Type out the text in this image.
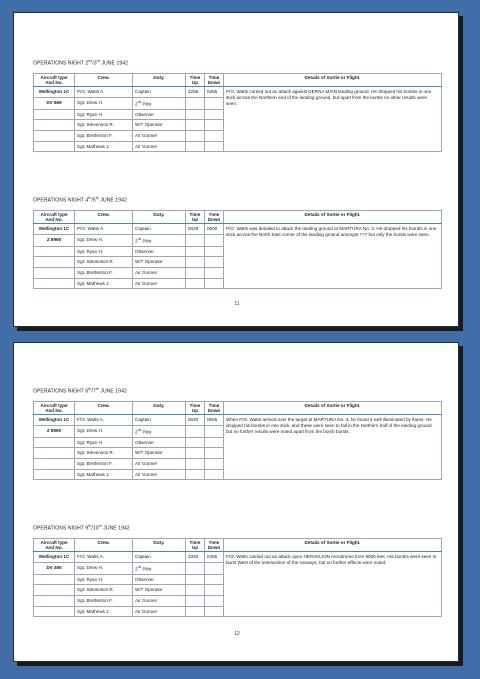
OPERATIONS NIGHT 2nd/3rd JUNE 1942
Aircraft type And No.	Crew.	Duty.	Time Up	Time Down	Details of Sortie or Flight.
Wellington 1C	P/O. Watts A.	Captain	2255	0455	P/O. Watts carried out an attack against DERNA MAIN landing ground. He dropped his bombs in one stick across the Northern end of the landing ground, but apart from the bursts no other results were seen.

DV 669	Sgt. Drew H.	2nd Pilot			
	Sgt. Ryan H.	Observer			
	Sgt. Stevenson R.	W/T Operator			
	Sgt. Bretherton F.	Air Gunner			
	Sgt. Mathews J.	Air Gunner			
OPERATIONS NIGHT 4th/5th JUNE 1942
Aircraft type And No.	Crew.	Duty.	Time Up	Time Down	Details of Sortie or Flight.
Wellington 1C	P/O. Watts A.	Captain	0028	0600	P/O. Watts was detailed to attack the landing ground at MARTURA No. 3. He dropped his bombs in one stick across the North East corner of the landing ground amongst ??? but only the bursts were seen.

Z 8990	Sgt. Drew H.	2nd Pilot			
	Sgt. Ryan H.	Observer			
	Sgt. Stevenson R.	W/T Operator			
	Sgt. Bretherton F.	Air Gunner			
	Sgt. Mathews J.	Air Gunner			
11
OPERATIONS NIGHT 6th/7th JUNE 1942
Aircraft type And No.	Crew.	Duty.	Time Up	Time Down	Details of Sortie or Flight.
Wellington 1C	F/O. Watts A.	Captain	0040	0555	When F/O. Watts arrived over the target at MARTURA No. 3, he found it well illuminated by flares. He dropped his bombs in one stick, and these were seen to fall in the Northern half of the landing ground but no further results were noted apart from the bomb bursts.

Z 8990	Sgt. Drew H.	2nd Pilot			
	Sgt. Ryan H.	Observer			
	Sgt. Stevenson R.	W/T Operator			
	Sgt. Bretherton F.	Air Gunner			
	Sgt. Mathews J.	Air Gunner			
OPERATIONS NIGHT 9th/10th JUNE 1942
Aircraft type And No.	Crew.	Duty.	Time Up	Time Down	Details of Sortie or Flight.
Wellington 1C	F/O. Watts A.	Captain	2340	0455	F/O. Watts carried out an attack upon HERAKLION Aerodrome from 9000 feet. His bombs were seen to burst West of the intersection of the runways, but no further effects were noted.

DV 495	Sgt. Drew H.	2nd Pilot			
	Sgt. Ryan H.	Observer			
	Sgt. Stevenson R.	W/T Operator			
	Sgt. Bretherton F.	Air Gunner			
	Sgt. Mathews J.	Air Gunner			
12
